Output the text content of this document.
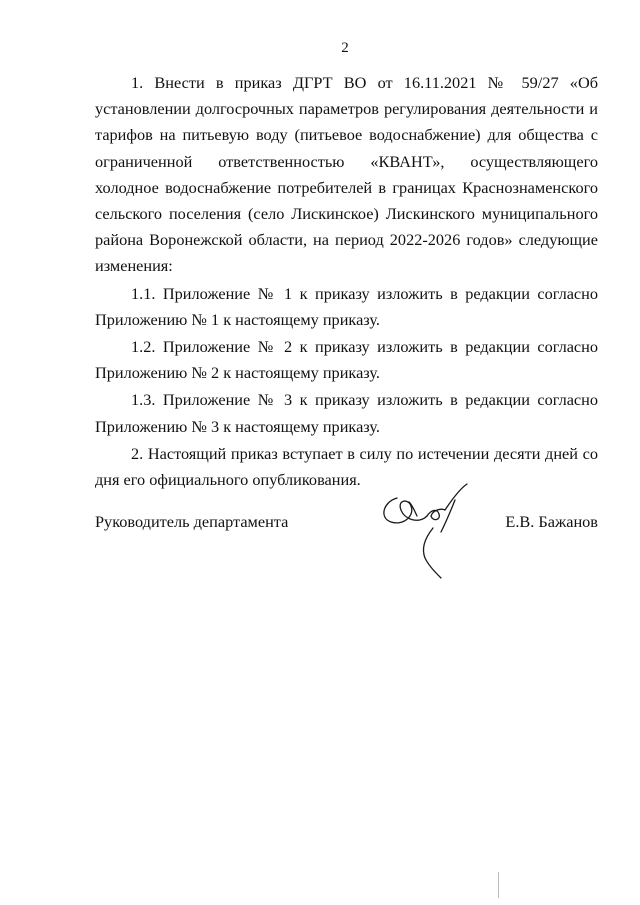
2

1. Внести в приказ ДГРТ ВО от 16.11.2021 № 59/27 «Об установлении долгосрочных параметров регулирования деятельности и тарифов на питьевую воду (питьевое водоснабжение) для общества с ограниченной ответственностью «КВАНТ», осуществляющего холодное водоснабжение потребителей в границах Краснознаменского сельского поселения (село Лискинское) Лискинского муниципального района Воронежской области, на период 2022-2026 годов» следующие изменения:

1.1. Приложение № 1 к приказу изложить в редакции согласно Приложению № 1 к настоящему приказу.

1.2. Приложение № 2 к приказу изложить в редакции согласно Приложению № 2 к настоящему приказу.

1.3. Приложение № 3 к приказу изложить в редакции согласно Приложению № 3 к настоящему приказу.

2. Настоящий приказ вступает в силу по истечении десяти дней со дня его официального опубликования.

Руководитель департамента	Е.В. Бажанов
